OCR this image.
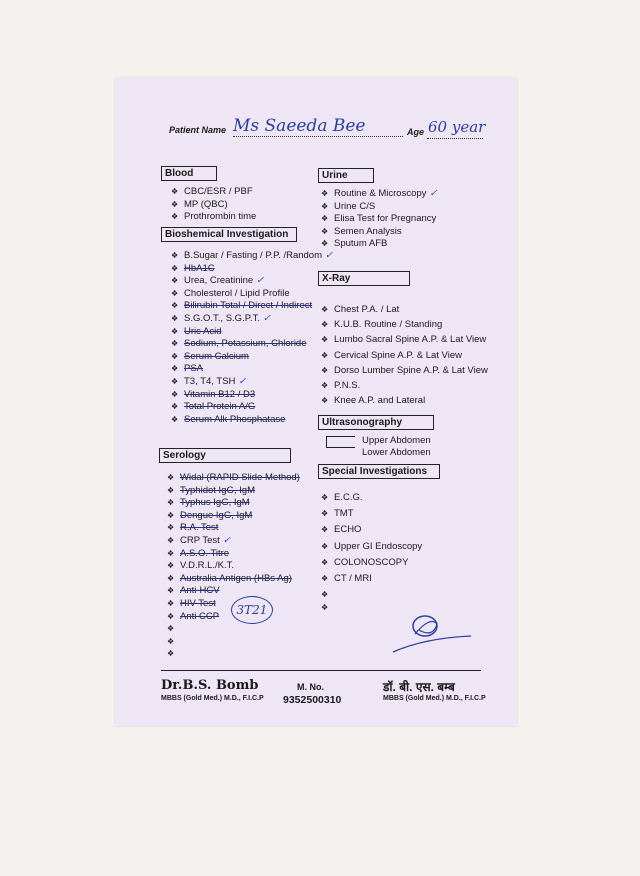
Patient Name Ms Saeeda Bee	Age 60 year
Blood
❖ CBC/ESR / PBF
❖ MP (QBC)
❖ Prothrombin time
Bioshemical Investigation
❖ B.Sugar / Fasting / P.P. /Random ✓
❖ HbA1C
❖ Urea, Creatinine ✓
❖ Cholesterol / Lipid Profile
❖ Bilirubin Total / Direct / Indirect
❖ S.G.O.T., S.G.P.T. ✓
❖ Uric Acid
❖ Sodium, Potassium, Chloride
❖ Serum Calcium
❖ PSA
❖ T3, T4, TSH ✓
❖ Vitamin B12 / D3
❖ Total Protein A/G
❖ Serum Alk Phosphatase
Serology
❖ Widal (RAPID Slide Method)
❖ Typhidot IgG, IgM
❖ Typhus IgG, IgM
❖ Dengue IgG, IgM
❖ R.A. Test
❖ CRP Test ✓
❖ A.S.O. Titre
❖ V.D.R.L./K.T.
❖ Australia Antigen (HBs Ag)
❖ Anti-HCV
❖ HIV Test
❖ Anti CCP
❖
❖
❖	3T21
Urine
❖ Routine & Microscopy ✓
❖ Urine C/S
❖ Elisa Test for Pregnancy
❖ Semen Analysis
❖ Sputum AFB
X-Ray
❖ Chest P.A. / Lat
❖ K.U.B. Routine / Standing
❖ Lumbo Sacral Spine A.P. & Lat View
❖ Cervical Spine A.P. & Lat View
❖ Dorso Lumber Spine A.P. & Lat View
❖ P.N.S.
❖ Knee A.P. and Lateral
Ultrasonography
Upper Abdomen
Lower Abdomen
Special Investigations
❖ E.C.G.
❖ TMT
❖ ECHO
❖ Upper GI Endoscopy
❖ COLONOSCOPY
❖ CT / MRI
❖
❖
Dr.B.S. Bomb
MBBS (Gold Med.) M.D., F.I.C.P
M. No.
9352500310
डॉ. बी. एस. बम्ब
MBBS (Gold Med.) M.D., F.I.C.P
